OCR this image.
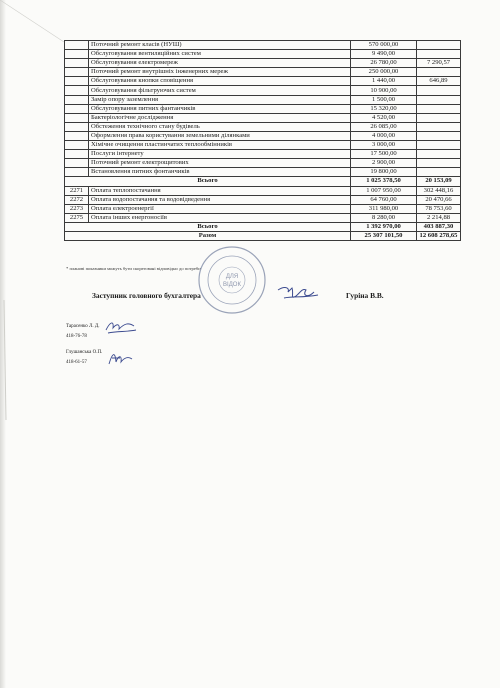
	Поточний ремонт класів (НУШ)	570 000,00	
	Обслуговування вентиляційних систем	9 490,00	
	Обслуговування електромереж	26 780,00	7 290,57
	Поточний ремонт внутрішніх інженерних мереж	250 000,00	
	Обслуговування кнопки сповіщення	1 440,00	646,89
	Обслуговування фільтруючих систем	10 900,00	
	Замір опору заземлення	1 500,00	
	Обслуговування питних фантанчиків	15 320,00	
	Бактеріологічне дослідження	4 520,00	
	Обстеження технічного стану будівель	26 085,00	
	Оформлення права користування земельними ділянками	4 000,00	
	Хімічне очищення пластинчатих теплообмінників	3 000,00	
	Послуги інтернету	17 500,00	
	Поточний ремонт електрощитових	2 900,00	
	Встановлення питних фонтанчиків	19 800,00	
Всього		1 025 378,50	20 153,09
2271	Оплата теплопостачання	1 007 950,00	302 448,16
2272	Оплата водопостачання та водовідведення	64 760,00	20 470,66
2273	Оплата електроенергії	311 980,00	78 753,60
2275	Оплата інших енергоносіїв	8 280,00	2 214,88
Всього		1 392 970,00	403 887,30
Разом		25 307 101,50	12 608 278,65
* планові показники можуть бути скореговані відповідно до потреби
Заступник головного бухгалтера	Гуріна В.В.
ДЛЯ
ВІДОК
Тарасенко Л. Д.
418-76-78
Глушанська О.П.
418-61-57
